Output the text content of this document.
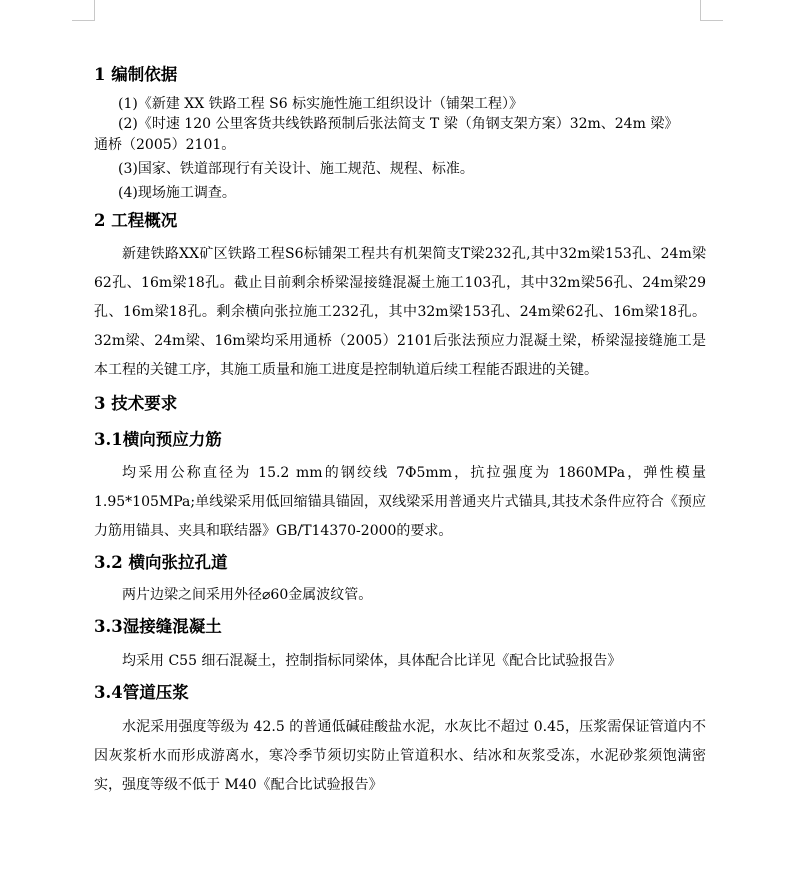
1 编制依据
(1)《新建 XX 铁路工程 S6 标实施性施工组织设计（铺架工程）》
(2)《时速 120 公里客货共线铁路预制后张法简支 T 梁（角钢支架方案）32m、24m 梁》
通桥（2005）2101。
(3)国家、铁道部现行有关设计、施工规范、规程、标准。
(4)现场施工调查。
2 工程概况
新建铁路XX矿区铁路工程S6标铺架工程共有机架简支T梁232孔,其中32m梁153孔、24m梁62孔、16m梁18孔。截止目前剩余桥梁湿接缝混凝土施工103孔，其中32m梁56孔、24m梁29孔、16m梁18孔。剩余横向张拉施工232孔，其中32m梁153孔、24m梁62孔、16m梁18孔。32m梁、24m梁、16m梁均采用通桥（2005）2101后张法预应力混凝土梁，桥梁湿接缝施工是本工程的关键工序，其施工质量和施工进度是控制轨道后续工程能否跟进的关键。
3 技术要求
3.1横向预应力筋
均采用公称直径为 15.2 mm的钢绞线 7Φ5mm，抗拉强度为 1860MPa，弹性模量 1.95*105MPa;单线梁采用低回缩锚具锚固，双线梁采用普通夹片式锚具,其技术条件应符合《预应力筋用锚具、夹具和联结器》GB/T14370-2000的要求。
3.2 横向张拉孔道
两片边梁之间采用外径⌀60金属波纹管。
3.3湿接缝混凝土
均采用 C55 细石混凝土，控制指标同梁体，具体配合比详见《配合比试验报告》
3.4管道压浆
水泥采用强度等级为 42.5 的普通低碱硅酸盐水泥，水灰比不超过 0.45，压浆需保证管道内不因灰浆析水而形成游离水，寒冷季节须切实防止管道积水、结冰和灰浆受冻，水泥砂浆须饱满密实，强度等级不低于 M40《配合比试验报告》
